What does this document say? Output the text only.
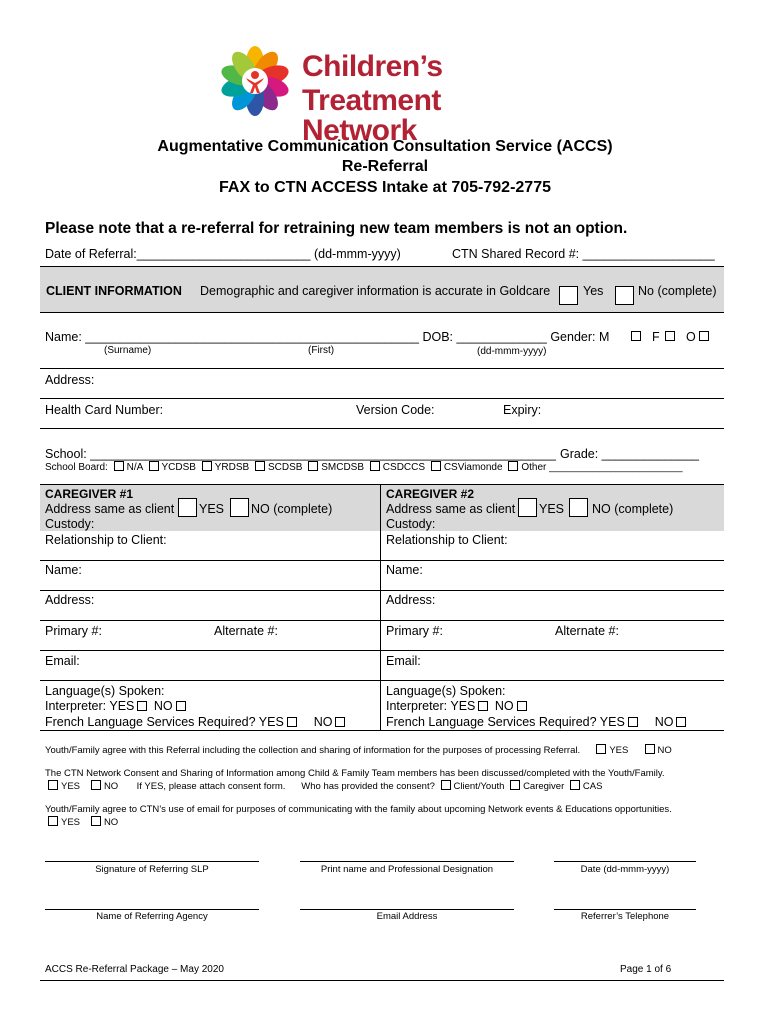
Children’s
Treatment Network
Augmentative Communication Consultation Service (ACCS)
Re-Referral
FAX to CTN ACCESS Intake at 705-792-2775
Please note that a re-referral for retraining new team members is not an option.
Date of Referral:_________________________ (dd-mmm-yyyy)	CTN Shared Record #: ___________________
CLIENT INFORMATION Demographic and caregiver information is accurate in Goldcare	Yes	No (complete)
Name: ________________________________________________ DOB: _____________ Gender: M	F O
(Surname)	(First)	(dd-mmm-yyyy)
Address:
Health Card Number:	Version Code:	Expiry:
School: ___________________________________________________________________ Grade: ______________
School Board: N/A YCDSB YRDSB SCDSB SMCDSB CSDCCS CSViamonde Other ________________________
CAREGIVER #1
Address same as client YES NO (complete)
Custody:
Relationship to Client:
Name:
Address:
Primary #:	Alternate #:
Email:
Language(s) Spoken:
Interpreter: YES NO
French Language Services Required? YES NO
CAREGIVER #2
Address same as client YES NO (complete)
Custody:
Relationship to Client:
Name:
Address:
Primary #:	Alternate #:
Email:
Language(s) Spoken:
Interpreter: YES NO
French Language Services Required? YES NO
Youth/Family agree with this Referral including the collection and sharing of information for the purposes of processing Referral.	YES	NO
The CTN Network Consent and Sharing of Information among Child & Family Team members has been discussed/completed with the Youth/Family.
YES	NO If YES, please attach consent form. Who has provided the consent? Client/Youth Caregiver CAS
Youth/Family agree to CTN’s use of email for purposes of communicating with the family about upcoming Network events & Educations opportunities.
YES	NO
Signature of Referring SLP	Print name and Professional Designation	Date (dd-mmm-yyyy)
Name of Referring Agency	Email Address	Referrer’s Telephone
ACCS Re-Referral Package – May 2020	Page 1 of 6
